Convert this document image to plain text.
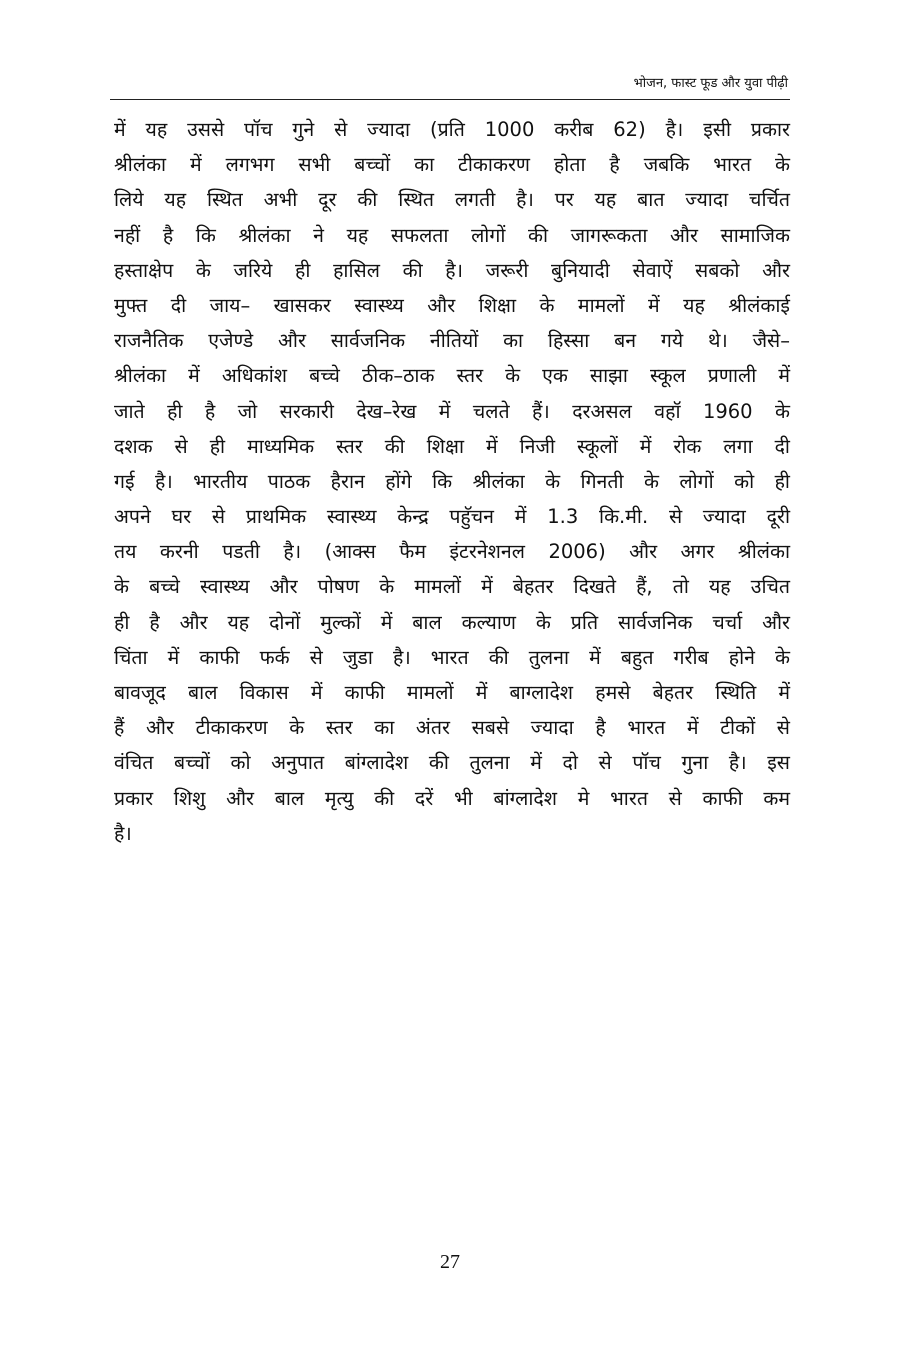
भोजन, फास्ट फूड और युवा पीढ़ी
में यह उससे पॉच गुने से ज्यादा (प्रति 1000 करीब 62) है। इसी प्रकार
श्रीलंका में लगभग सभी बच्चों का टीकाकरण होता है जबकि भारत के
लिये यह स्थित अभी दूर की स्थित लगती है। पर यह बात ज्यादा चर्चित
नहीं है कि श्रीलंका ने यह सफलता लोगों की जागरूकता और सामाजिक
हस्ताक्षेप के जरिये ही हासिल की है। जरूरी बुनियादी सेवाऐं सबको और
मुफ्त दी जाय– खासकर स्वास्थ्य और शिक्षा के मामलों में यह श्रीलंकाई
राजनैतिक एजेण्डे और सार्वजनिक नीतियों का हिस्सा बन गये थे। जैसे–
श्रीलंका में अधिकांश बच्चे ठीक–ठाक स्तर के एक साझा स्कूल प्रणाली में
जाते ही है जो सरकारी देख–रेख में चलते हैं। दरअसल वहॉ 1960 के
दशक से ही माध्यमिक स्तर की शिक्षा में निजी स्कूलों में रोक लगा दी
गई है। भारतीय पाठक हैरान होंगे कि श्रीलंका के गिनती के लोगों को ही
अपने घर से प्राथमिक स्वास्थ्य केन्द्र पहुॅचन में 1.3 कि.मी. से ज्यादा दूरी
तय करनी पडती है। (आक्स फैम इंटरनेशनल 2006) और अगर श्रीलंका
के बच्चे स्वास्थ्य और पोषण के मामलों में बेहतर दिखते हैं, तो यह उचित
ही है और यह दोनों मुल्कों में बाल कल्याण के प्रति सार्वजनिक चर्चा और
चिंता में काफी फर्क से जुडा है। भारत की तुलना में बहुत गरीब होने के
बावजूद बाल विकास में काफी मामलों में बाग्लादेश हमसे बेहतर स्थिति में
हैं और टीकाकरण के स्तर का अंतर सबसे ज्यादा है भारत में टीकों से
वंचित बच्चों को अनुपात बांग्लादेश की तुलना में दो से पॉच गुना है। इस
प्रकार शिशु और बाल मृत्यु की दरें भी बांग्लादेश मे भारत से काफी कम
है।
27
